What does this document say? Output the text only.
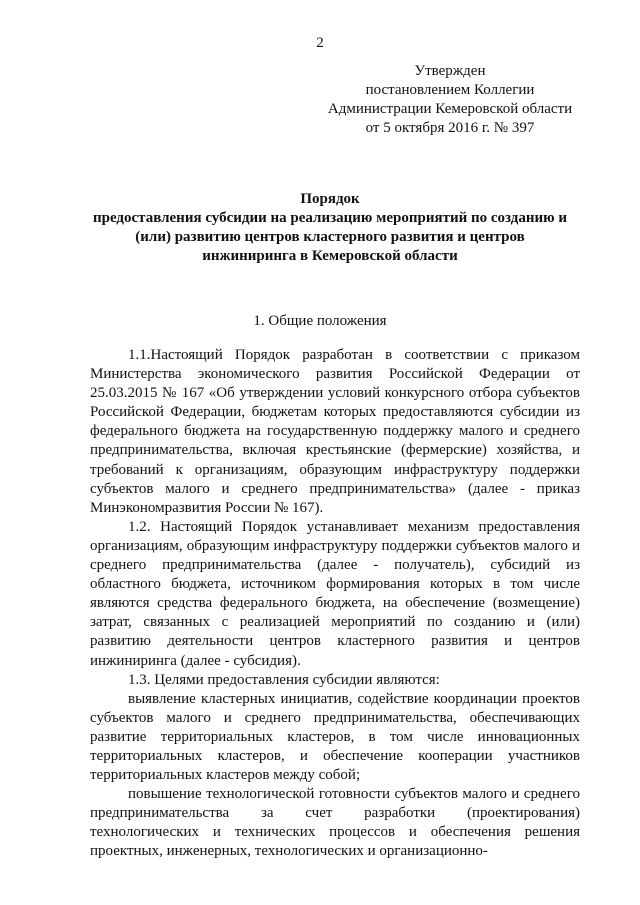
2
Утвержден
постановлением Коллегии
Администрации Кемеровской области
от 5 октября 2016 г. № 397
Порядок
предоставления субсидии на реализацию мероприятий по созданию и
(или) развитию центров кластерного развития и центров
инжиниринга в Кемеровской области
1. Общие положения

1.1.Настоящий Порядок разработан в соответствии с приказом Министерства экономического развития Российской Федерации от 25.03.2015 № 167 «Об утверждении условий конкурсного отбора субъектов Российской Федерации, бюджетам которых предоставляются субсидии из федерального бюджета на государственную поддержку малого и среднего предпринимательства, включая крестьянские (фермерские) хозяйства, и требований к организациям, образующим инфраструктуру поддержки субъектов малого и среднего предпринимательства» (далее - приказ Минэкономразвития России № 167).

1.2. Настоящий Порядок устанавливает механизм предоставления организациям, образующим инфраструктуру поддержки субъектов малого и среднего предпринимательства (далее - получатель), субсидий из областного бюджета, источником формирования которых в том числе являются средства федерального бюджета, на обеспечение (возмещение) затрат, связанных с реализацией мероприятий по созданию и (или) развитию деятельности центров кластерного развития и центров инжиниринга (далее - субсидия).

1.3. Целями предоставления субсидии являются:

выявление кластерных инициатив, содействие координации проектов субъектов малого и среднего предпринимательства, обеспечивающих развитие территориальных кластеров, в том числе инновационных территориальных кластеров, и обеспечение кооперации участников территориальных кластеров между собой;

повышение технологической готовности субъектов малого и среднего предпринимательства за счет разработки (проектирования) технологических и технических процессов и обеспечения решения проектных, инженерных, технологических и организационно-
